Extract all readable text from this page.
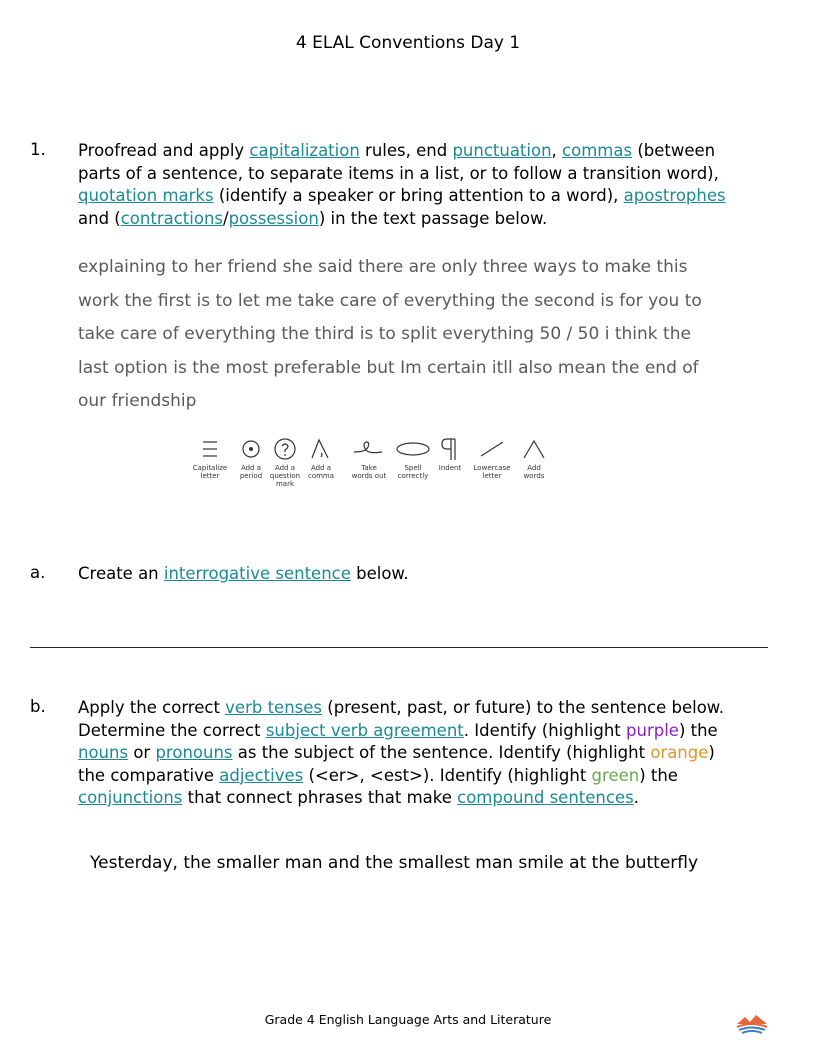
4 ELAL Conventions Day 1
1. Proofread and apply capitalization rules, end punctuation, commas (between
parts of a sentence, to separate items in a list, or to follow a transition word),
quotation marks (identify a speaker or bring attention to a word), apostrophes
and (contractions/possession) in the text passage below.
explaining to her friend she said there are only three ways to make this
work the first is to let me take care of everything the second is for you to
take care of everything the third is to split everything 50 / 50 i think the
last option is the most preferable but Im certain itll also mean the end of
our friendship
Capitalize
letter
Add a
period
Add a
question
mark
Add a
comma
Take
words out
Spell
correctly
Indent	Lowercase
letter
Add
words
a. Create an interrogative sentence below.
b. Apply the correct verb tenses (present, past, or future) to the sentence below.
Determine the correct subject verb agreement. Identify (highlight purple) the
nouns or pronouns as the subject of the sentence. Identify (highlight orange)
the comparative adjectives (<er>, <est>). Identify (highlight green) the
conjunctions that connect phrases that make compound sentences.
Yesterday, the smaller man and the smallest man smile at the butterfly
Grade 4 English Language Arts and Literature
